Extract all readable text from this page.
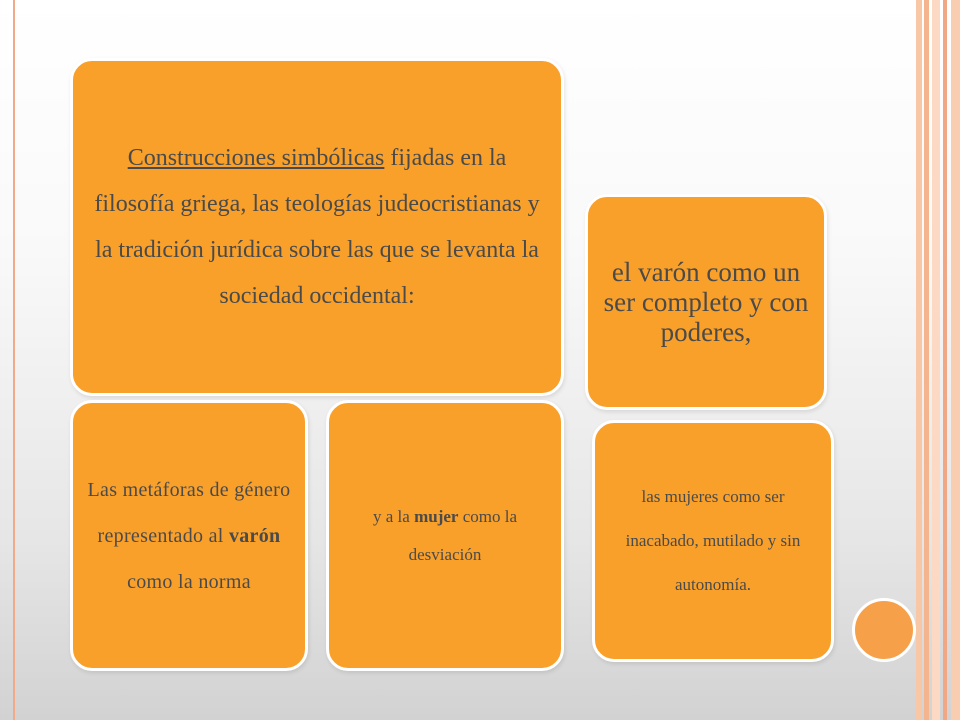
Construcciones simbólicas fijadas en la filosofía griega, las teologías judeocristianas y la tradición jurídica sobre las que se levanta la sociedad occidental:

el varón como un ser completo y con poderes,

Las metáforas de género representado al varón como la norma

y a la mujer como la desviación

las mujeres como ser inacabado, mutilado y sin autonomía.
